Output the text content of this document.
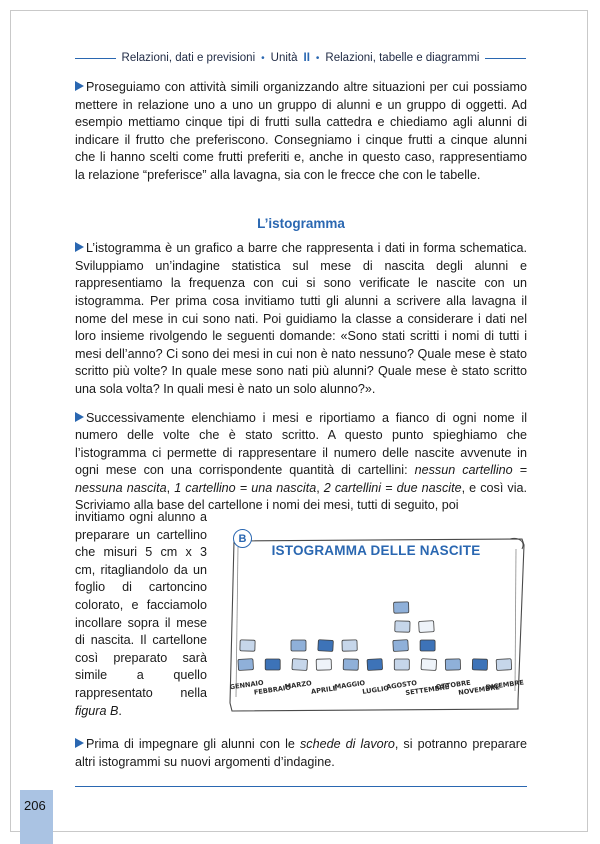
Relazioni, dati e previsioni • Unità II • Relazioni, tabelle e diagrammi

Proseguiamo con attività simili organizzando altre situazioni per cui possiamo mettere in relazione uno a uno un gruppo di alunni e un gruppo di oggetti. Ad esempio mettiamo cinque tipi di frutti sulla cattedra e chiediamo agli alunni di indicare il frutto che preferiscono. Consegniamo i cinque frutti a cinque alunni che li hanno scelti come frutti preferiti e, anche in questo caso, rappresentiamo la relazione “preferisce” alla lavagna, sia con le frecce che con le tabelle.

L’istogramma

L’istogramma è un grafico a barre che rappresenta i dati in forma schematica. Sviluppiamo un’indagine statistica sul mese di nascita degli alunni e rappresentiamo la frequenza con cui si sono verificate le nascite con un istogramma. Per prima cosa invitiamo tutti gli alunni a scrivere alla lavagna il nome del mese in cui sono nati. Poi guidiamo la classe a considerare i dati nel loro insieme rivolgendo le seguenti domande: «Sono stati scritti i nomi di tutti i mesi dell’anno? Ci sono dei mesi in cui non è nato nessuno? Quale mese è stato scritto più volte? In quale mese sono nati più alunni? Quale mese è stato scritto una sola volta? In quali mesi è nato un solo alunno?».

Successivamente elenchiamo i mesi e riportiamo a fianco di ogni nome il numero delle volte che è stato scritto. A questo punto spieghiamo che l’istogramma ci permette di rappresentare il numero delle nascite avvenute in ogni mese con una corrispondente quantità di cartellini: nessun cartellino = nessuna nascita, 1 cartellino = una nascita, 2 cartellini = due nascite, e così via. Scriviamo alla base del cartellone i nomi dei mesi, tutti di seguito, poi

invitiamo ogni alunno a preparare un cartellino che misuri 5 cm x 3 cm, ritagliandolo da un foglio di cartoncino colorato, e facciamolo incollare sopra il mese di nascita. Il cartellone così preparato sarà simile a quello rappresentato nella figura B.
B
GENNAIO
FEBBRAIO
MARZO
APRILE
MAGGIO
LUGLIO
AGOSTO
SETTEMBRE
OTTOBRE
NOVEMBRE
DICEMBRE
ISTOGRAMMA DELLE NASCITE
Prima di impegnare gli alunni con le schede di lavoro, si potranno preparare altri istogrammi su nuovi argomenti d’indagine.
206
